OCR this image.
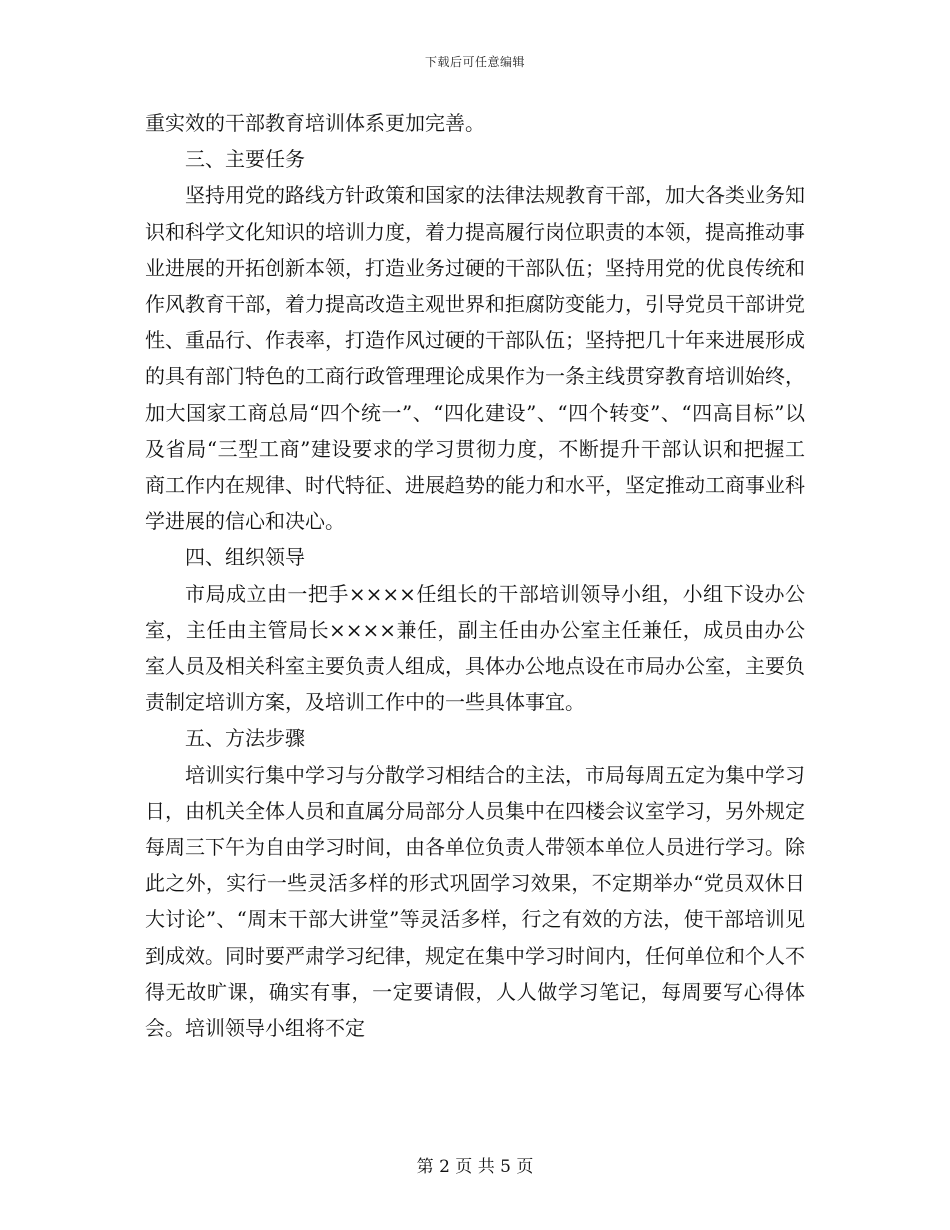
下载后可任意编辑

重实效的干部教育培训体系更加完善。

三、主要任务

坚持用党的路线方针政策和国家的法律法规教育干部，加大各类业务知识和科学文化知识的培训力度，着力提高履行岗位职责的本领，提高推动事业进展的开拓创新本领，打造业务过硬的干部队伍；坚持用党的优良传统和作风教育干部，着力提高改造主观世界和拒腐防变能力，引导党员干部讲党性、重品行、作表率，打造作风过硬的干部队伍；坚持把几十年来进展形成的具有部门特色的工商行政管理理论成果作为一条主线贯穿教育培训始终，加大国家工商总局“四个统一”、“四化建设”、“四个转变”、“四高目标”以及省局“三型工商”建设要求的学习贯彻力度，不断提升干部认识和把握工商工作内在规律、时代特征、进展趋势的能力和水平，坚定推动工商事业科学进展的信心和决心。

四、组织领导

市局成立由一把手××××任组长的干部培训领导小组，小组下设办公室，主任由主管局长××××兼任，副主任由办公室主任兼任，成员由办公室人员及相关科室主要负责人组成，具体办公地点设在市局办公室，主要负责制定培训方案，及培训工作中的一些具体事宜。

五、方法步骤

培训实行集中学习与分散学习相结合的主法，市局每周五定为集中学习日，由机关全体人员和直属分局部分人员集中在四楼会议室学习，另外规定每周三下午为自由学习时间，由各单位负责人带领本单位人员进行学习。除此之外，实行一些灵活多样的形式巩固学习效果，不定期举办“党员双休日大讨论”、“周末干部大讲堂”等灵活多样，行之有效的方法，使干部培训见到成效。同时要严肃学习纪律，规定在集中学习时间内，任何单位和个人不得无故旷课，确实有事，一定要请假，人人做学习笔记，每周要写心得体会。培训领导小组将不定

第 2 页 共 5 页
